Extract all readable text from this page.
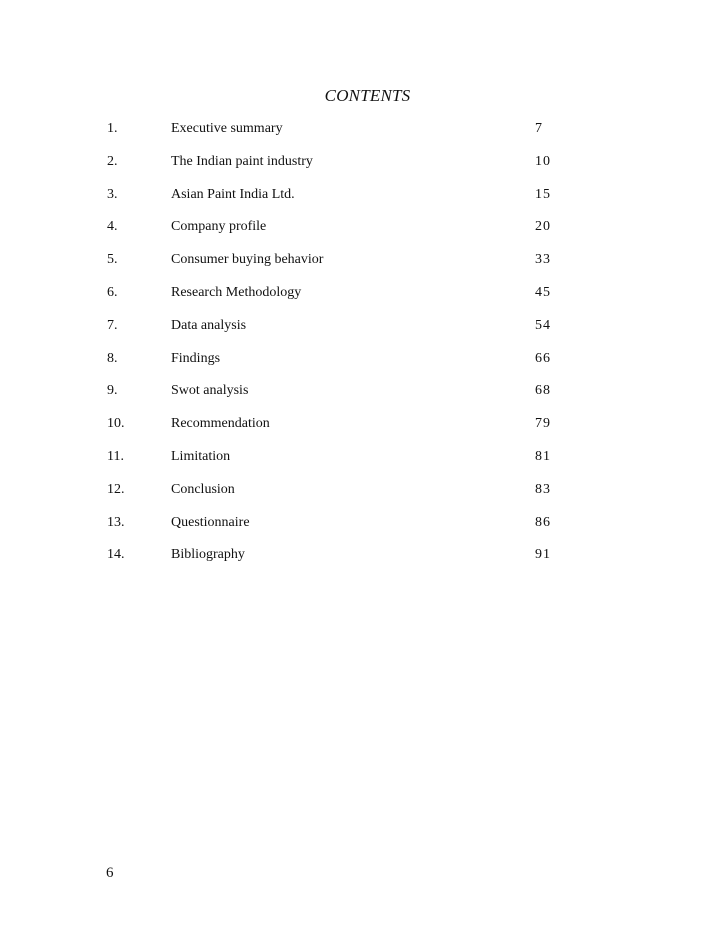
CONTENTS
1.	Executive summary	7
2.	The Indian paint industry	10
3.	Asian Paint India Ltd.	15
4.	Company profile	20
5.	Consumer buying behavior	33
6.	Research Methodology	45
7.	Data analysis	54
8.	Findings	66
9.	Swot analysis	68
10.	Recommendation	79
11.	Limitation	81
12.	Conclusion	83
13.	Questionnaire	86
14.	Bibliography	91
6
